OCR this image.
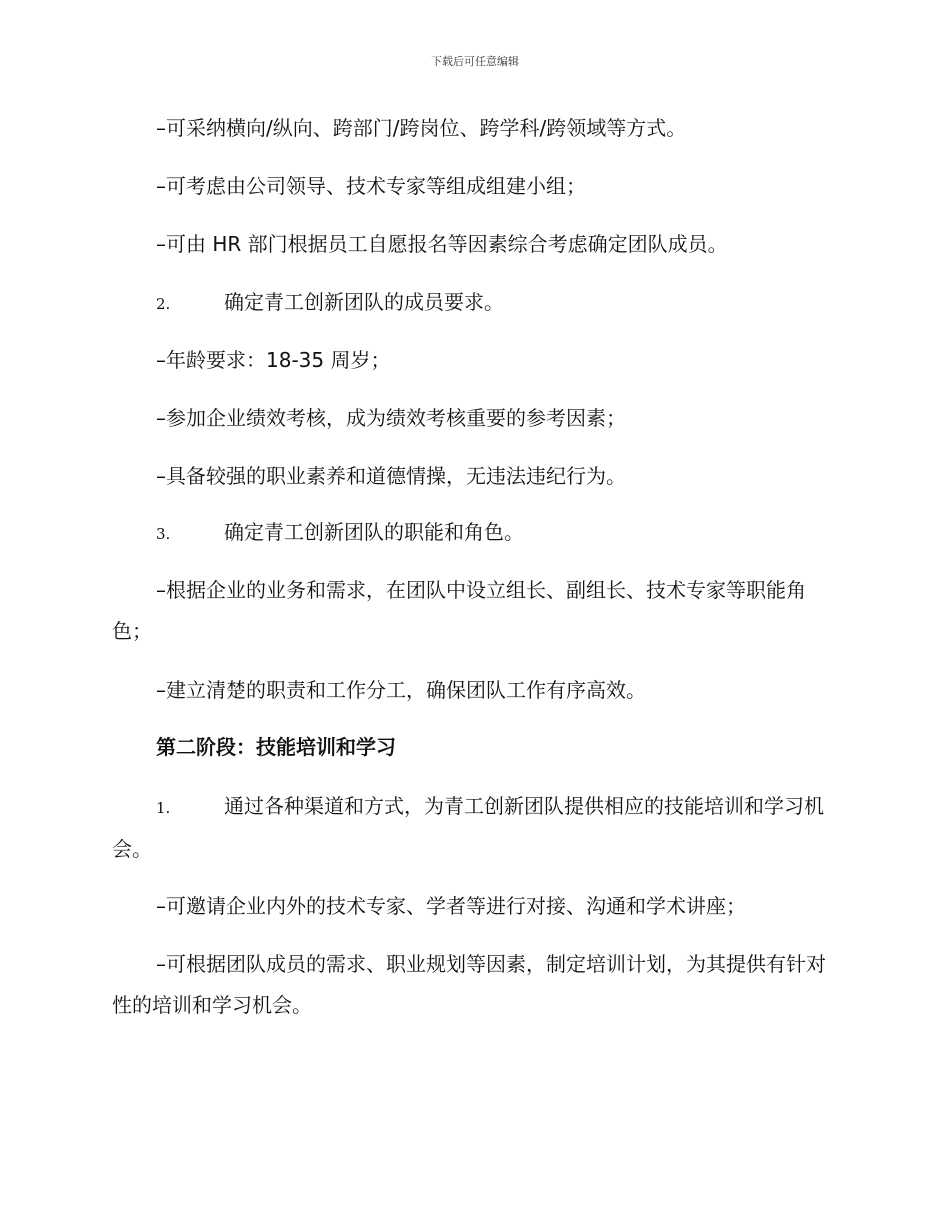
下载后可任意编辑

–可采纳横向/纵向、跨部门/跨岗位、跨学科/跨领域等方式。

–可考虑由公司领导、技术专家等组成组建小组；

–可由 HR 部门根据员工自愿报名等因素综合考虑确定团队成员。

2.	确定青工创新团队的成员要求。

–年龄要求：18-35 周岁；

–参加企业绩效考核，成为绩效考核重要的参考因素；

–具备较强的职业素养和道德情操，无违法违纪行为。

3.	确定青工创新团队的职能和角色。

–根据企业的业务和需求，在团队中设立组长、副组长、技术专家等职能角色；

–建立清楚的职责和工作分工，确保团队工作有序高效。

第二阶段：技能培训和学习

1.	通过各种渠道和方式，为青工创新团队提供相应的技能培训和学习机会。

–可邀请企业内外的技术专家、学者等进行对接、沟通和学术讲座；

–可根据团队成员的需求、职业规划等因素，制定培训计划，为其提供有针对性的培训和学习机会。
